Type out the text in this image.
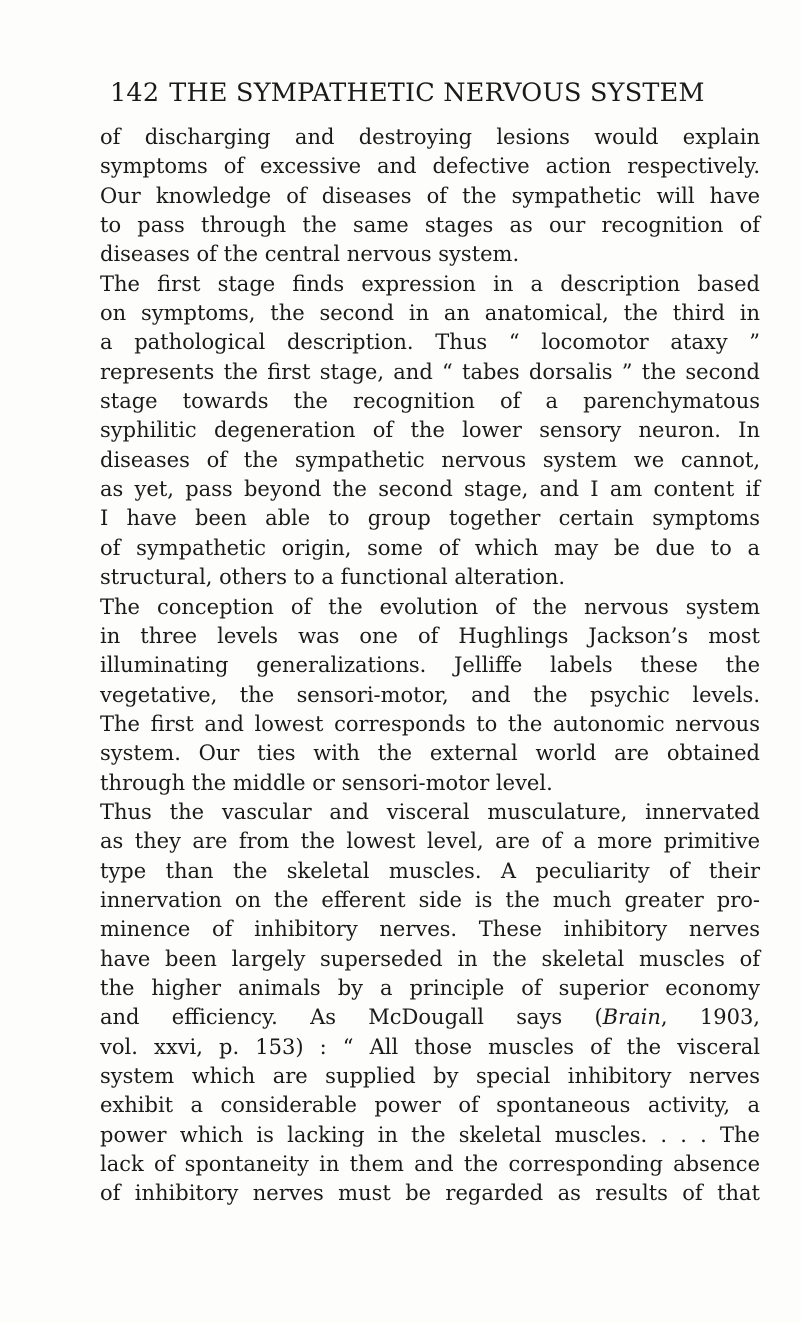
142 THE SYMPATHETIC NERVOUS SYSTEM
of discharging and destroying lesions would explain
symptoms of excessive and defective action respectively.
Our knowledge of diseases of the sympathetic will have
to pass through the same stages as our recognition of
diseases of the central nervous system.
The first stage finds expression in a description based
on symptoms, the second in an anatomical, the third in
a pathological description. Thus “ locomotor ataxy ”
represents the first stage, and “ tabes dorsalis ” the second
stage towards the recognition of a parenchymatous
syphilitic degeneration of the lower sensory neuron. In
diseases of the sympathetic nervous system we cannot,
as yet, pass beyond the second stage, and I am content if
I have been able to group together certain symptoms
of sympathetic origin, some of which may be due to a
structural, others to a functional alteration.
The conception of the evolution of the nervous system
in three levels was one of Hughlings Jackson’s most
illuminating generalizations. Jelliffe labels these the
vegetative, the sensori-motor, and the psychic levels.
The first and lowest corresponds to the autonomic nervous
system. Our ties with the external world are obtained
through the middle or sensori-motor level.
Thus the vascular and visceral musculature, innervated
as they are from the lowest level, are of a more primitive
type than the skeletal muscles. A peculiarity of their
innervation on the efferent side is the much greater pro-
minence of inhibitory nerves. These inhibitory nerves
have been largely superseded in the skeletal muscles of
the higher animals by a principle of superior economy
and efficiency. As McDougall says (Brain, 1903,
vol. xxvi, p. 153) : “ All those muscles of the visceral
system which are supplied by special inhibitory nerves
exhibit a considerable power of spontaneous activity, a
power which is lacking in the skeletal muscles. . . . The
lack of spontaneity in them and the corresponding absence
of inhibitory nerves must be regarded as results of that
